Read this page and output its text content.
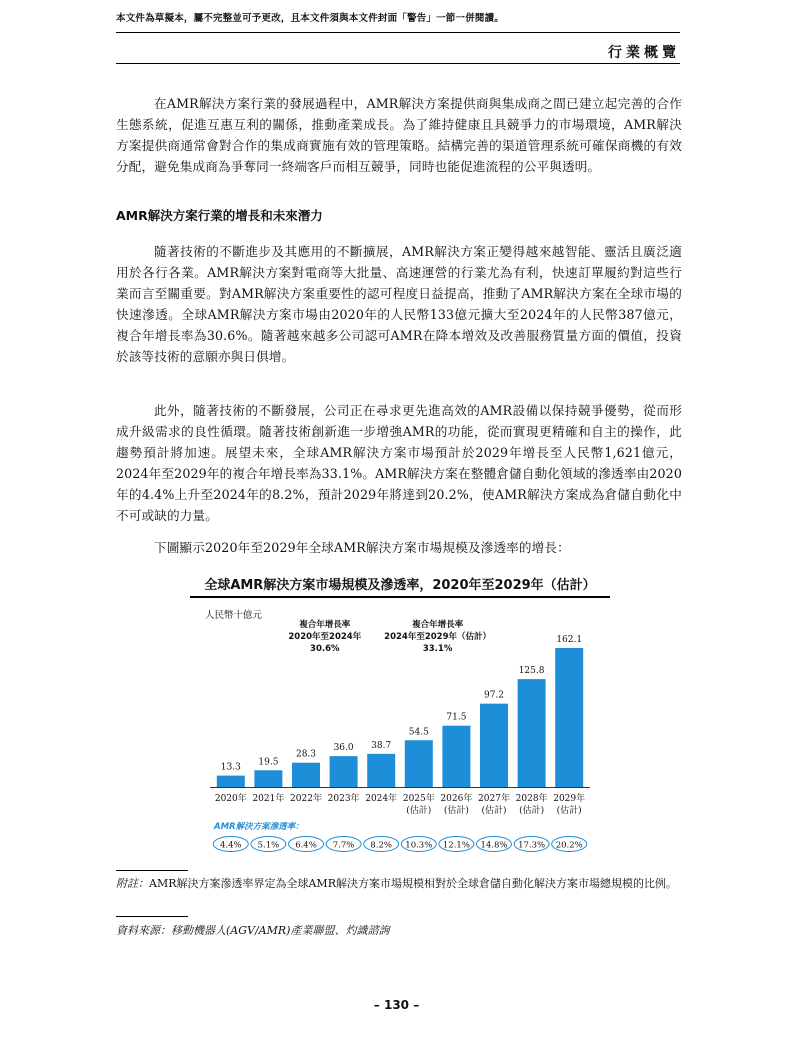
本文件為草擬本，屬不完整並可予更改，且本文件須與本文件封面「警告」一節一併閱讀。
行業概覽

在AMR解決方案行業的發展過程中，AMR解決方案提供商與集成商之間已建立起完善的合作生態系統，促進互惠互利的關係，推動產業成長。為了維持健康且具競爭力的市場環境，AMR解決方案提供商通常會對合作的集成商實施有效的管理策略。結構完善的渠道管理系統可確保商機的有效分配，避免集成商為爭奪同一終端客戶而相互競爭，同時也能促進流程的公平與透明。

AMR解決方案行業的增長和未來潛力

隨著技術的不斷進步及其應用的不斷擴展，AMR解決方案正變得越來越智能、靈活且廣泛適用於各行各業。AMR解決方案對電商等大批量、高速運營的行業尤為有利，快速訂單履約對這些行業而言至關重要。對AMR解決方案重要性的認可程度日益提高，推動了AMR解決方案在全球市場的快速滲透。全球AMR解決方案市場由2020年的人民幣133億元擴大至2024年的人民幣387億元，複合年增長率為30.6%。隨著越來越多公司認可AMR在降本增效及改善服務質量方面的價值，投資於該等技術的意願亦與日俱增。

此外，隨著技術的不斷發展，公司正在尋求更先進高效的AMR設備以保持競爭優勢，從而形成升級需求的良性循環。隨著技術創新進一步增強AMR的功能，從而實現更精確和自主的操作，此趨勢預計將加速。展望未來，全球AMR解決方案市場預計於2029年增長至人民幣1,621億元，2024年至2029年的複合年增長率為33.1%。AMR解決方案在整體倉儲自動化領域的滲透率由2020年的4.4%上升至2024年的8.2%，預計2029年將達到20.2%，使AMR解決方案成為倉儲自動化中不可或缺的力量。

下圖顯示2020年至2029年全球AMR解決方案市場規模及滲透率的增長：

全球AMR解決方案市場規模及滲透率，2020年至2029年（估計）
人民幣十億元
13.3
19.5
28.3
36.0 38.7
54.5
71.5
97.2
125.8
162.1
2020年 2021年 2022年 2023年 2024年 2025年
(估計)
2026年
(估計)
2027年
(估計)
2028年
(估計)
2029年
(估計)
複合年增長率
2020年至2024年
30.6%
複合年增長率
2024年至2029年（估計）
33.1%
AMR解決方案滲透率：
4.4% 5.1% 6.4% 7.7% 8.2% 10.3% 12.1% 14.8% 17.3% 20.2%
附註：AMR解決方案滲透率界定為全球AMR解決方案市場規模相對於全球倉儲自動化解決方案市場總規模的比例。
資料來源：移動機器人(AGV/AMR)產業聯盟、灼識諮詢
– 130 –
